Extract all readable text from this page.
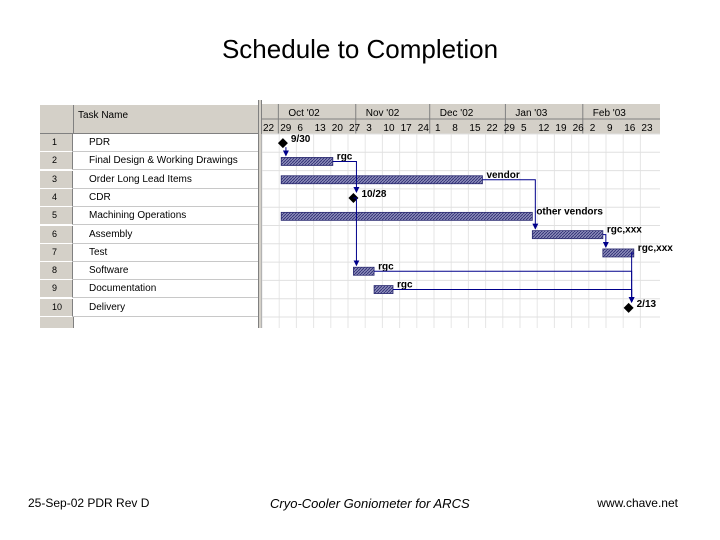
Schedule to Completion
Task Name
1	PDR
2	Final Design & Working Drawings
3	Order Long Lead Items
4	CDR
5	Machining Operations
6	Assembly
7	Test
8	Software
9	Documentation
10	Delivery
Oct '02	Nov '02	Dec '02	Jan '03	Feb '03
22 29 6 13 20 27 3 10 17 24 1 8 15 22 29 5 12 19 26 2 9 16 23
9/30
rgc
vendor
10/28
other vendors
rgc,xxx
rgc,xxx
rgc
rgc
2/13
25-Sep-02 PDR Rev D	Cryo-Cooler Goniometer for ARCS	www.chave.net
